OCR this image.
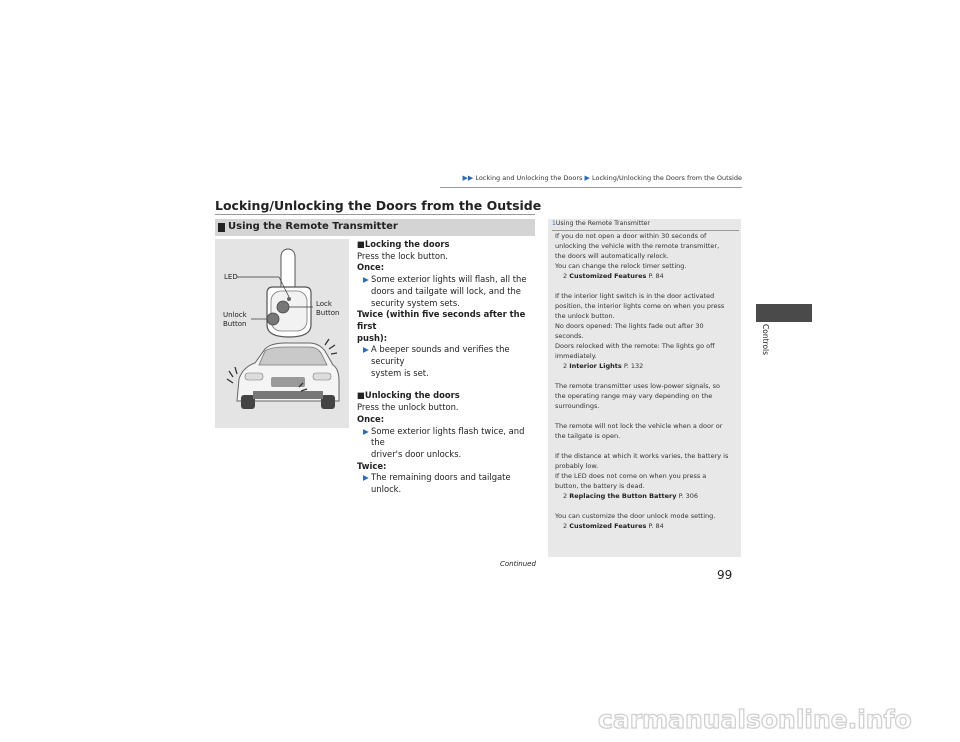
▶▶ Locking and Unlocking the Doors ▶ Locking/Unlocking the Doors from the Outside
Locking/Unlocking the Doors from the Outside
Using the Remote Transmitter
LED
Lock
Button
Unlock
Button
■Locking the doors
Press the lock button.
Once:
▶ Some exterior lights will flash, all the
doors and tailgate will lock, and the
security system sets.
Twice (within five seconds after the first
push):
▶ A beeper sounds and verifies the security
system is set.
■Unlocking the doors
Press the unlock button.
Once:
▶ Some exterior lights flash twice, and the
driver's door unlocks.
Twice:
▶ The remaining doors and tailgate unlock.
1Using the Remote Transmitter

If you do not open a door within 30 seconds of

unlocking the vehicle with the remote transmitter,

the doors will automatically relock.

You can change the relock timer setting.

2 Customized Features P. 84

If the interior light switch is in the door activated

position, the interior lights come on when you press

the unlock button.

No doors opened: The lights fade out after 30

seconds.

Doors relocked with the remote: The lights go off

immediately.

2 Interior Lights P. 132

The remote transmitter uses low-power signals, so

the operating range may vary depending on the

surroundings.

The remote will not lock the vehicle when a door or

the tailgate is open.

If the distance at which it works varies, the battery is

probably low.

If the LED does not come on when you press a

button, the battery is dead.

2 Replacing the Button Battery P. 306

You can customize the door unlock mode setting.

2 Customized Features P. 84

Controls
Continued
99
carmanualsonline.info
